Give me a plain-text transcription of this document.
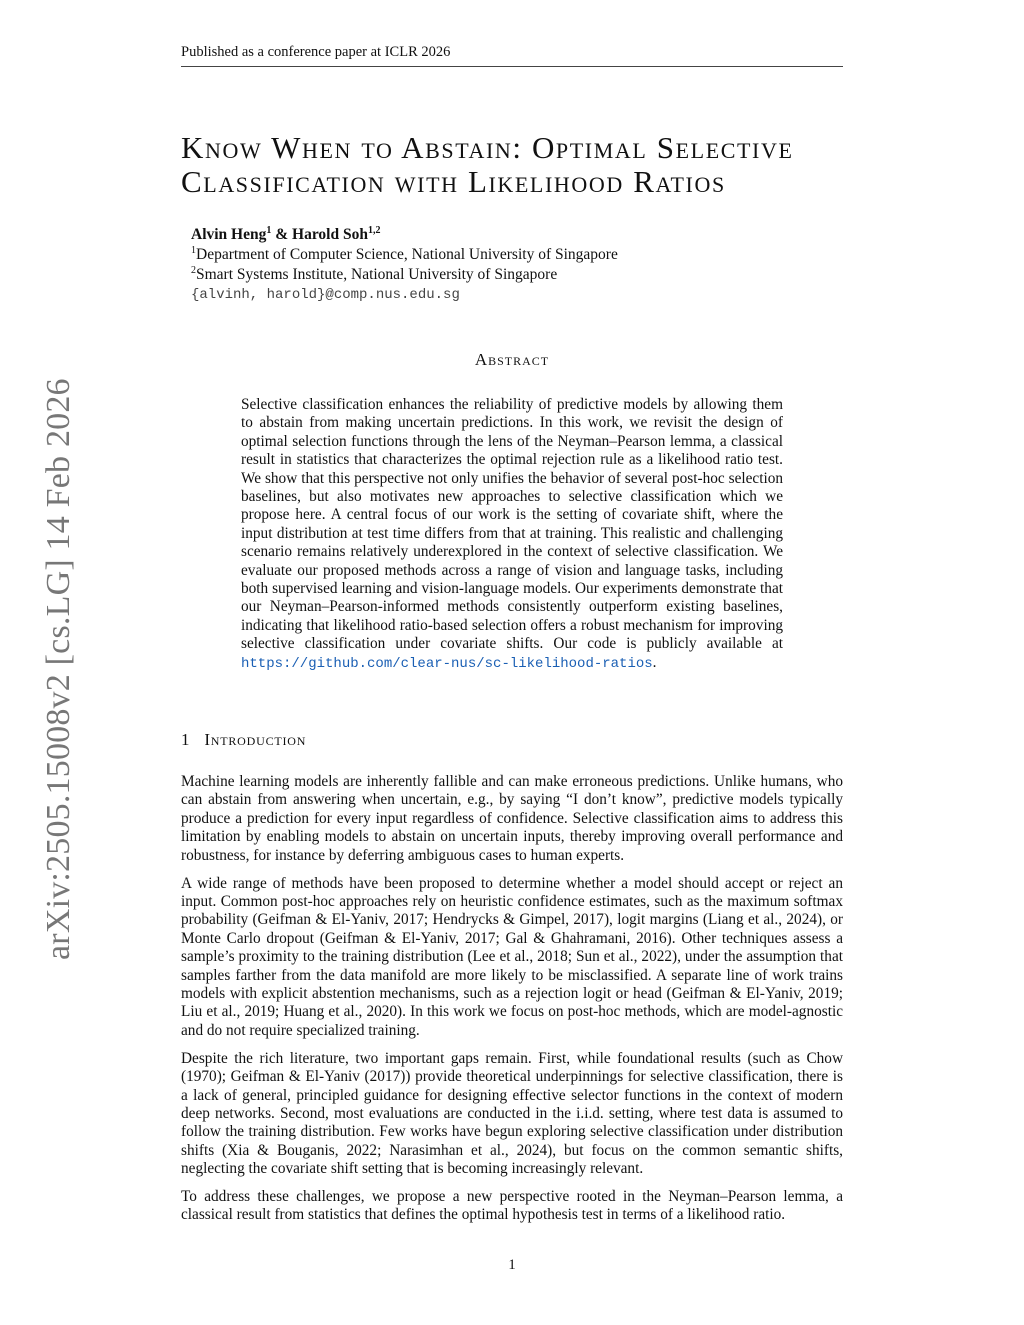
Published as a conference paper at ICLR 2026
arXiv:2505.15008v2 [cs.LG] 14 Feb 2026
Know When to Abstain: Optimal Selective
Classification with Likelihood Ratios
Alvin Heng$^1$ & Harold Soh$^{1,2}$
$^1$Department of Computer Science, National University of Singapore
$^2$Smart Systems Institute, National University of Singapore
{alvinh, harold}@comp.nus.edu.sg
Abstract
Selective classification enhances the reliability of predictive models by allowing them to abstain from making uncertain predictions. In this work, we revisit the design of optimal selection functions through the lens of the Neyman–Pearson lemma, a classical result in statistics that characterizes the optimal rejection rule as a likelihood ratio test. We show that this perspective not only unifies the behavior of several post-hoc selection baselines, but also motivates new approaches to selective classification which we propose here. A central focus of our work is the setting of covariate shift, where the input distribution at test time differs from that at training. This realistic and challenging scenario remains relatively underexplored in the context of selective classification. We evaluate our proposed methods across a range of vision and language tasks, including both supervised learning and vision-language models. Our experiments demonstrate that our Neyman–Pearson-informed methods consistently outperform existing baselines, indicating that likelihood ratio-based selection offers a robust mechanism for improving selective classification under covariate shifts. Our code is publicly available at https://github.com/clear-nus/sc-likelihood-ratios.
1 Introduction

Machine learning models are inherently fallible and can make erroneous predictions. Unlike humans, who can abstain from answering when uncertain, e.g., by saying “I don’t know”, predictive models typically produce a prediction for every input regardless of confidence. Selective classification aims to address this limitation by enabling models to abstain on uncertain inputs, thereby improving overall performance and robustness, for instance by deferring ambiguous cases to human experts.

A wide range of methods have been proposed to determine whether a model should accept or reject an input. Common post-hoc approaches rely on heuristic confidence estimates, such as the maximum softmax probability (Geifman & El-Yaniv, 2017; Hendrycks & Gimpel, 2017), logit margins (Liang et al., 2024), or Monte Carlo dropout (Geifman & El-Yaniv, 2017; Gal & Ghahramani, 2016). Other techniques assess a sample’s proximity to the training distribution (Lee et al., 2018; Sun et al., 2022), under the assumption that samples farther from the data manifold are more likely to be misclassified. A separate line of work trains models with explicit abstention mechanisms, such as a rejection logit or head (Geifman & El-Yaniv, 2019; Liu et al., 2019; Huang et al., 2020). In this work we focus on post-hoc methods, which are model-agnostic and do not require specialized training.

Despite the rich literature, two important gaps remain. First, while foundational results (such as Chow (1970); Geifman & El-Yaniv (2017)) provide theoretical underpinnings for selective classification, there is a lack of general, principled guidance for designing effective selector functions in the context of modern deep networks. Second, most evaluations are conducted in the i.i.d. setting, where test data is assumed to follow the training distribution. Few works have begun exploring selective classification under distribution shifts (Xia & Bouganis, 2022; Narasimhan et al., 2024), but focus on the common semantic shifts, neglecting the covariate shift setting that is becoming increasingly relevant.

To address these challenges, we propose a new perspective rooted in the Neyman–Pearson lemma, a classical result from statistics that defines the optimal hypothesis test in terms of a likelihood ratio.

1
